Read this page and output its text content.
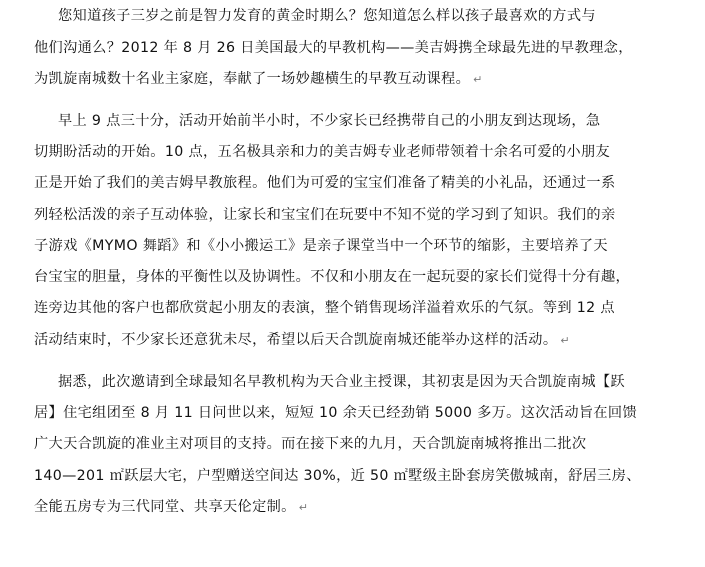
您知道孩子三岁之前是智力发育的黄金时期么？您知道怎么样以孩子最喜欢的方式与
他们沟通么？2012 年 8 月 26 日美国最大的早教机构——美吉姆携全球最先进的早教理念，
为凯旋南城数十名业主家庭，奉献了一场妙趣横生的早教互动课程。 ↵
早上 9 点三十分，活动开始前半小时，不少家长已经携带自己的小朋友到达现场，急
切期盼活动的开始。10 点，五名极具亲和力的美吉姆专业老师带领着十余名可爱的小朋友
正是开始了我们的美吉姆早教旅程。他们为可爱的宝宝们准备了精美的小礼品，还通过一系
列轻松活泼的亲子互动体验，让家长和宝宝们在玩要中不知不觉的学习到了知识。我们的亲
子游戏《MYMO 舞蹈》和《小小搬运工》是亲子课堂当中一个环节的缩影，主要培养了天
台宝宝的胆量，身体的平衡性以及协调性。不仅和小朋友在一起玩耍的家长们觉得十分有趣，
连旁边其他的客户也都欣赏起小朋友的表演，整个销售现场洋溢着欢乐的气氛。等到 12 点
活动结束时，不少家长还意犹未尽，希望以后天合凯旋南城还能举办这样的活动。 ↵
据悉，此次邀请到全球最知名早教机构为天合业主授课，其初衷是因为天合凯旋南城【跃
居】住宅组团至 8 月 11 日问世以来，短短 10 余天已经劲销 5000 多万。这次活动旨在回馈
广大天合凯旋的准业主对项目的支持。而在接下来的九月，天合凯旋南城将推出二批次
140—201 ㎡跃层大宅，户型赠送空间达 30%，近 50 ㎡墅级主卧套房笑傲城南，舒居三房、
全能五房专为三代同堂、共享天伦定制。 ↵
